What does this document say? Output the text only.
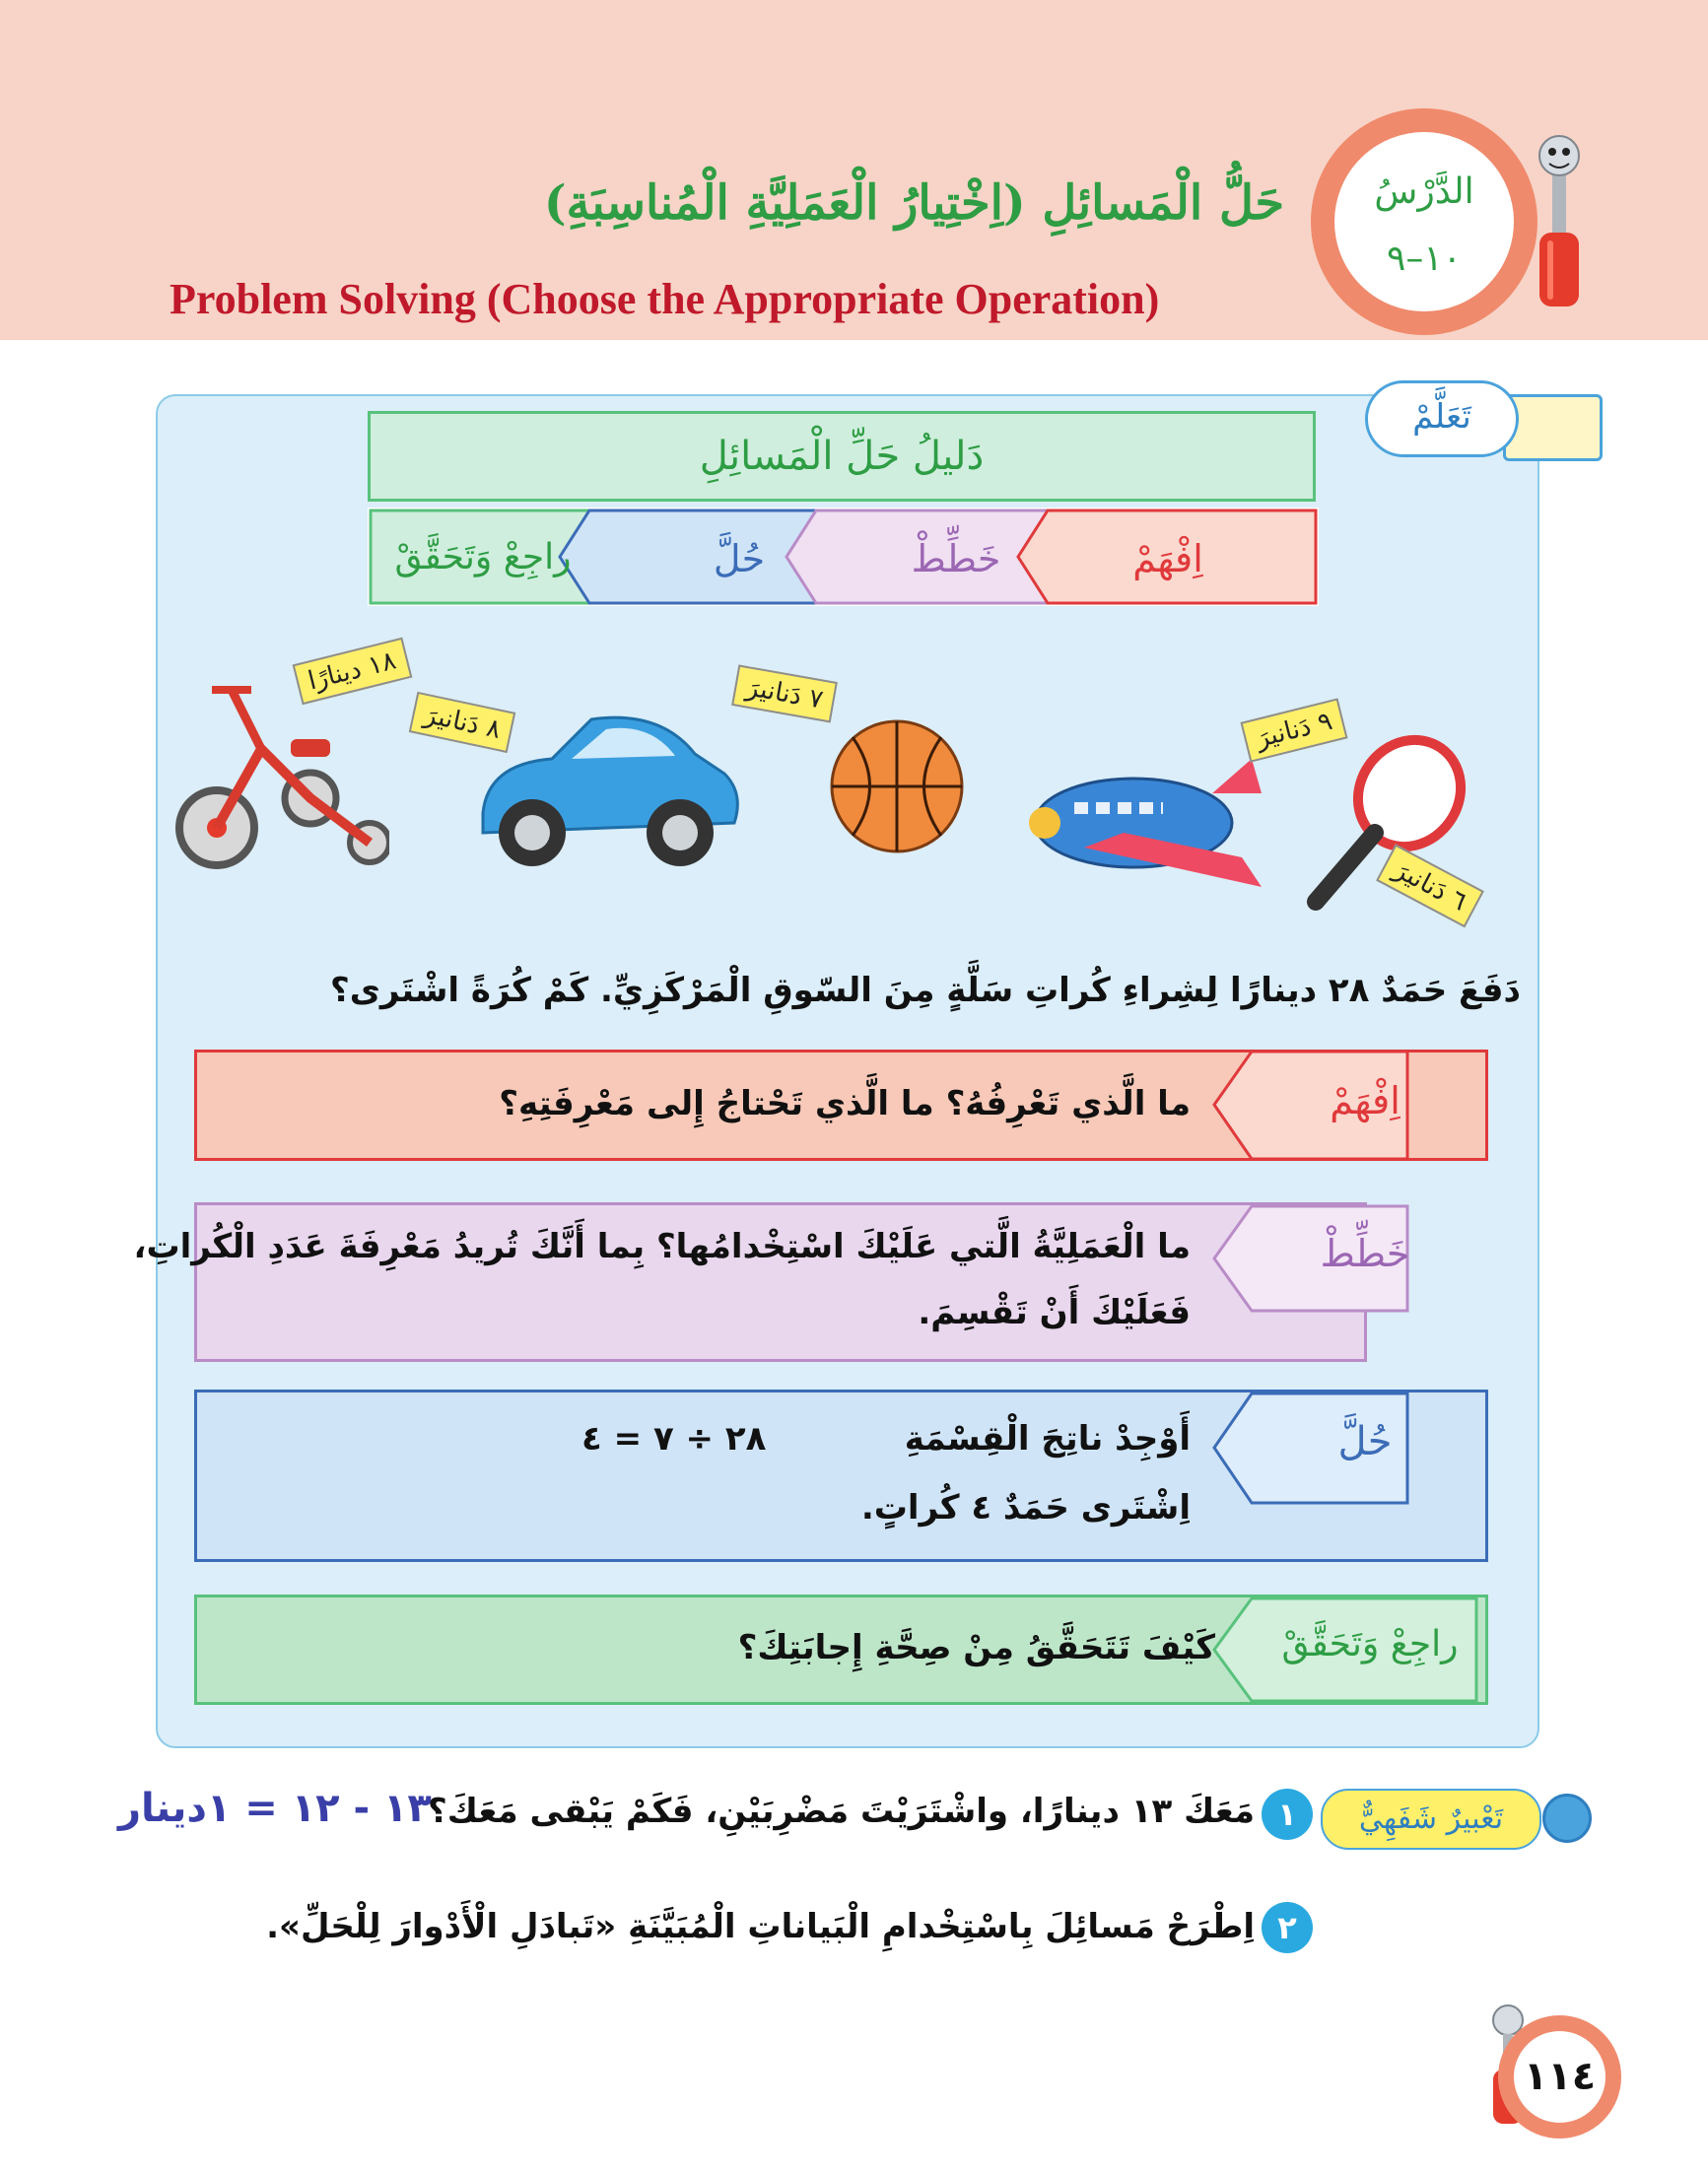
الدَّرْسُ
١٠–٩
حَلُّ الْمَسائِلِ (اِخْتِيارُ الْعَمَلِيَّةِ الْمُناسِبَةِ)
Problem Solving (Choose the Appropriate Operation)
تَعَلَّمْ
دَليلُ حَلِّ الْمَسائِلِ
اِفْهَمْ
خَطِّطْ
حُلَّ
راجِعْ وَتَحَقَّقْ
١٨ دينارًا
٨ دَنانيرَ
٧ دَنانيرَ
٩ دَنانيرَ
٦ دَنانيرَ
دَفَعَ حَمَدٌ ٢٨ دينارًا لِشِراءِ كُراتِ سَلَّةٍ مِنَ السّوقِ الْمَرْكَزِيِّ. كَمْ كُرَةً اشْتَرى؟
اِفْهَمْ
ما الَّذي تَعْرِفُهُ؟ ما الَّذي تَحْتاجُ إِلى مَعْرِفَتِهِ؟
خَطِّطْ
ما الْعَمَلِيَّةُ الَّتي عَلَيْكَ اسْتِخْدامُها؟ بِما أَنَّكَ تُريدُ مَعْرِفَةَ عَدَدِ الْكُراتِ،
فَعَلَيْكَ أَنْ تَقْسِمَ.
حُلَّ
أَوْجِدْ ناتِجَ الْقِسْمَةِ
٢٨ ÷ ٧ = ٤
اِشْتَرى حَمَدٌ ٤ كُراتٍ.
راجِعْ وَتَحَقَّقْ
كَيْفَ تَتَحَقَّقُ مِنْ صِحَّةِ إِجابَتِكَ؟
تَعْبيرٌ شَفَهِيٌّ
١
مَعَكَ ١٣ دينارًا، واشْتَرَيْتَ مَضْرِبَيْنِ، فَكَمْ يَبْقى مَعَكَ؟
١٣ - ١٢ = ١دينار
٢
اِطْرَحْ مَسائِلَ بِاسْتِخْدامِ الْبَياناتِ الْمُبَيَّنَةِ «تَبادَلِ الْأَدْوارَ لِلْحَلِّ».
١١٤
